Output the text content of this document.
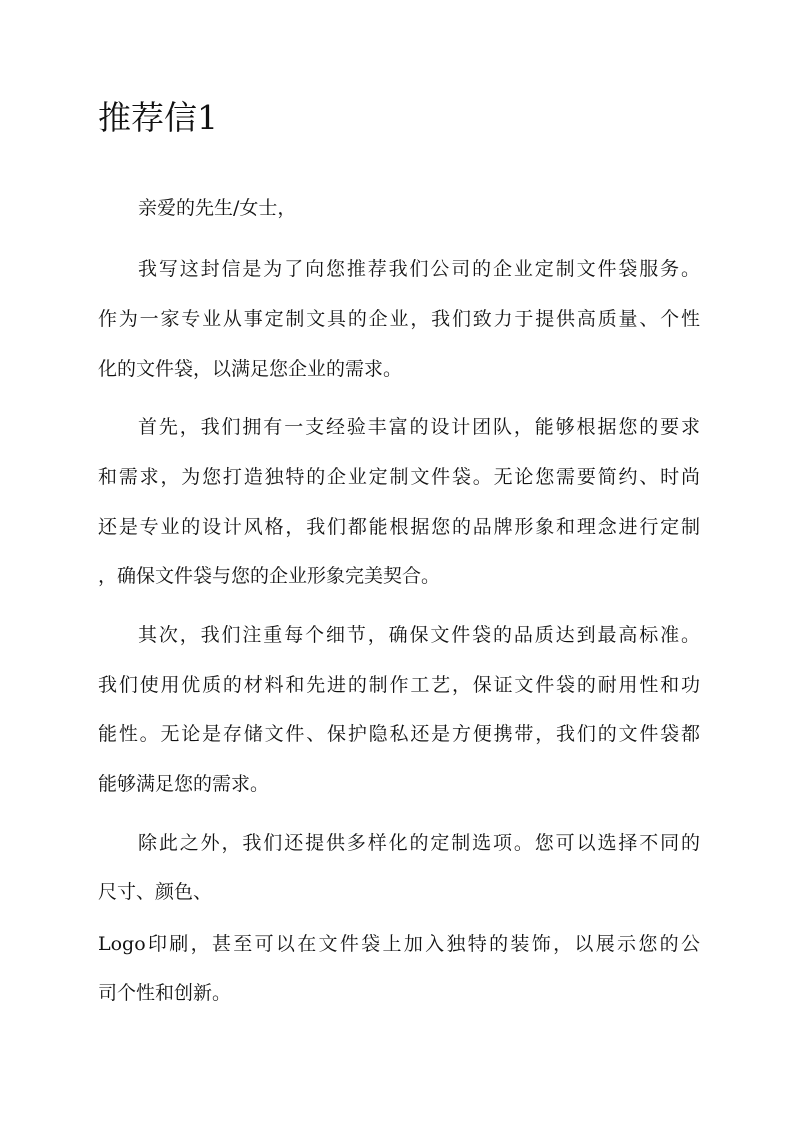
推荐信1
亲爱的先生/女士，
我写这封信是为了向您推荐我们公司的企业定制文件袋服务。
作为一家专业从事定制文具的企业，我们致力于提供高质量、个性
化的文件袋，以满足您企业的需求。
首先，我们拥有一支经验丰富的设计团队，能够根据您的要求
和需求，为您打造独特的企业定制文件袋。无论您需要简约、时尚
还是专业的设计风格，我们都能根据您的品牌形象和理念进行定制
，确保文件袋与您的企业形象完美契合。
其次，我们注重每个细节，确保文件袋的品质达到最高标准。
我们使用优质的材料和先进的制作工艺，保证文件袋的耐用性和功
能性。无论是存储文件、保护隐私还是方便携带，我们的文件袋都
能够满足您的需求。
除此之外，我们还提供多样化的定制选项。您可以选择不同的
尺寸、颜色、
Logo印刷，甚至可以在文件袋上加入独特的装饰，以展示您的公
司个性和创新。
